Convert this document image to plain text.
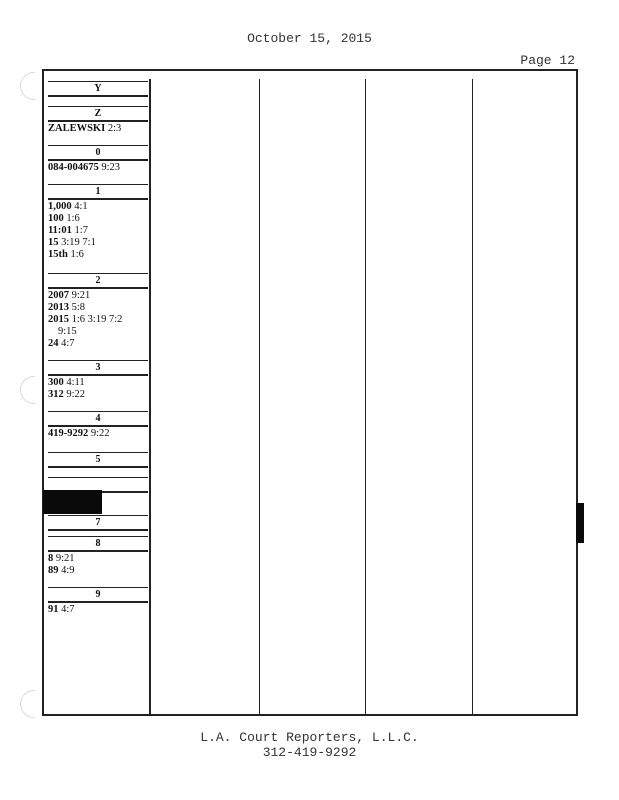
October 15, 2015
Page 12
Y
Z
ZALEWSKI 2:3
0
084-004675 9:23
1
1,000 4:1
100 1:6
11:01 1:7
15 3:19 7:1
15th 1:6
2
2007 9:21
2013 5:8
2015 1:6 3:19 7:2
9:15
24 4:7
3
300 4:11
312 9:22
4
419-9292 9:22
5
7
8
8 9:21
89 4:9
9
91 4:7
L.A. Court Reporters, L.L.C.
312-419-9292
